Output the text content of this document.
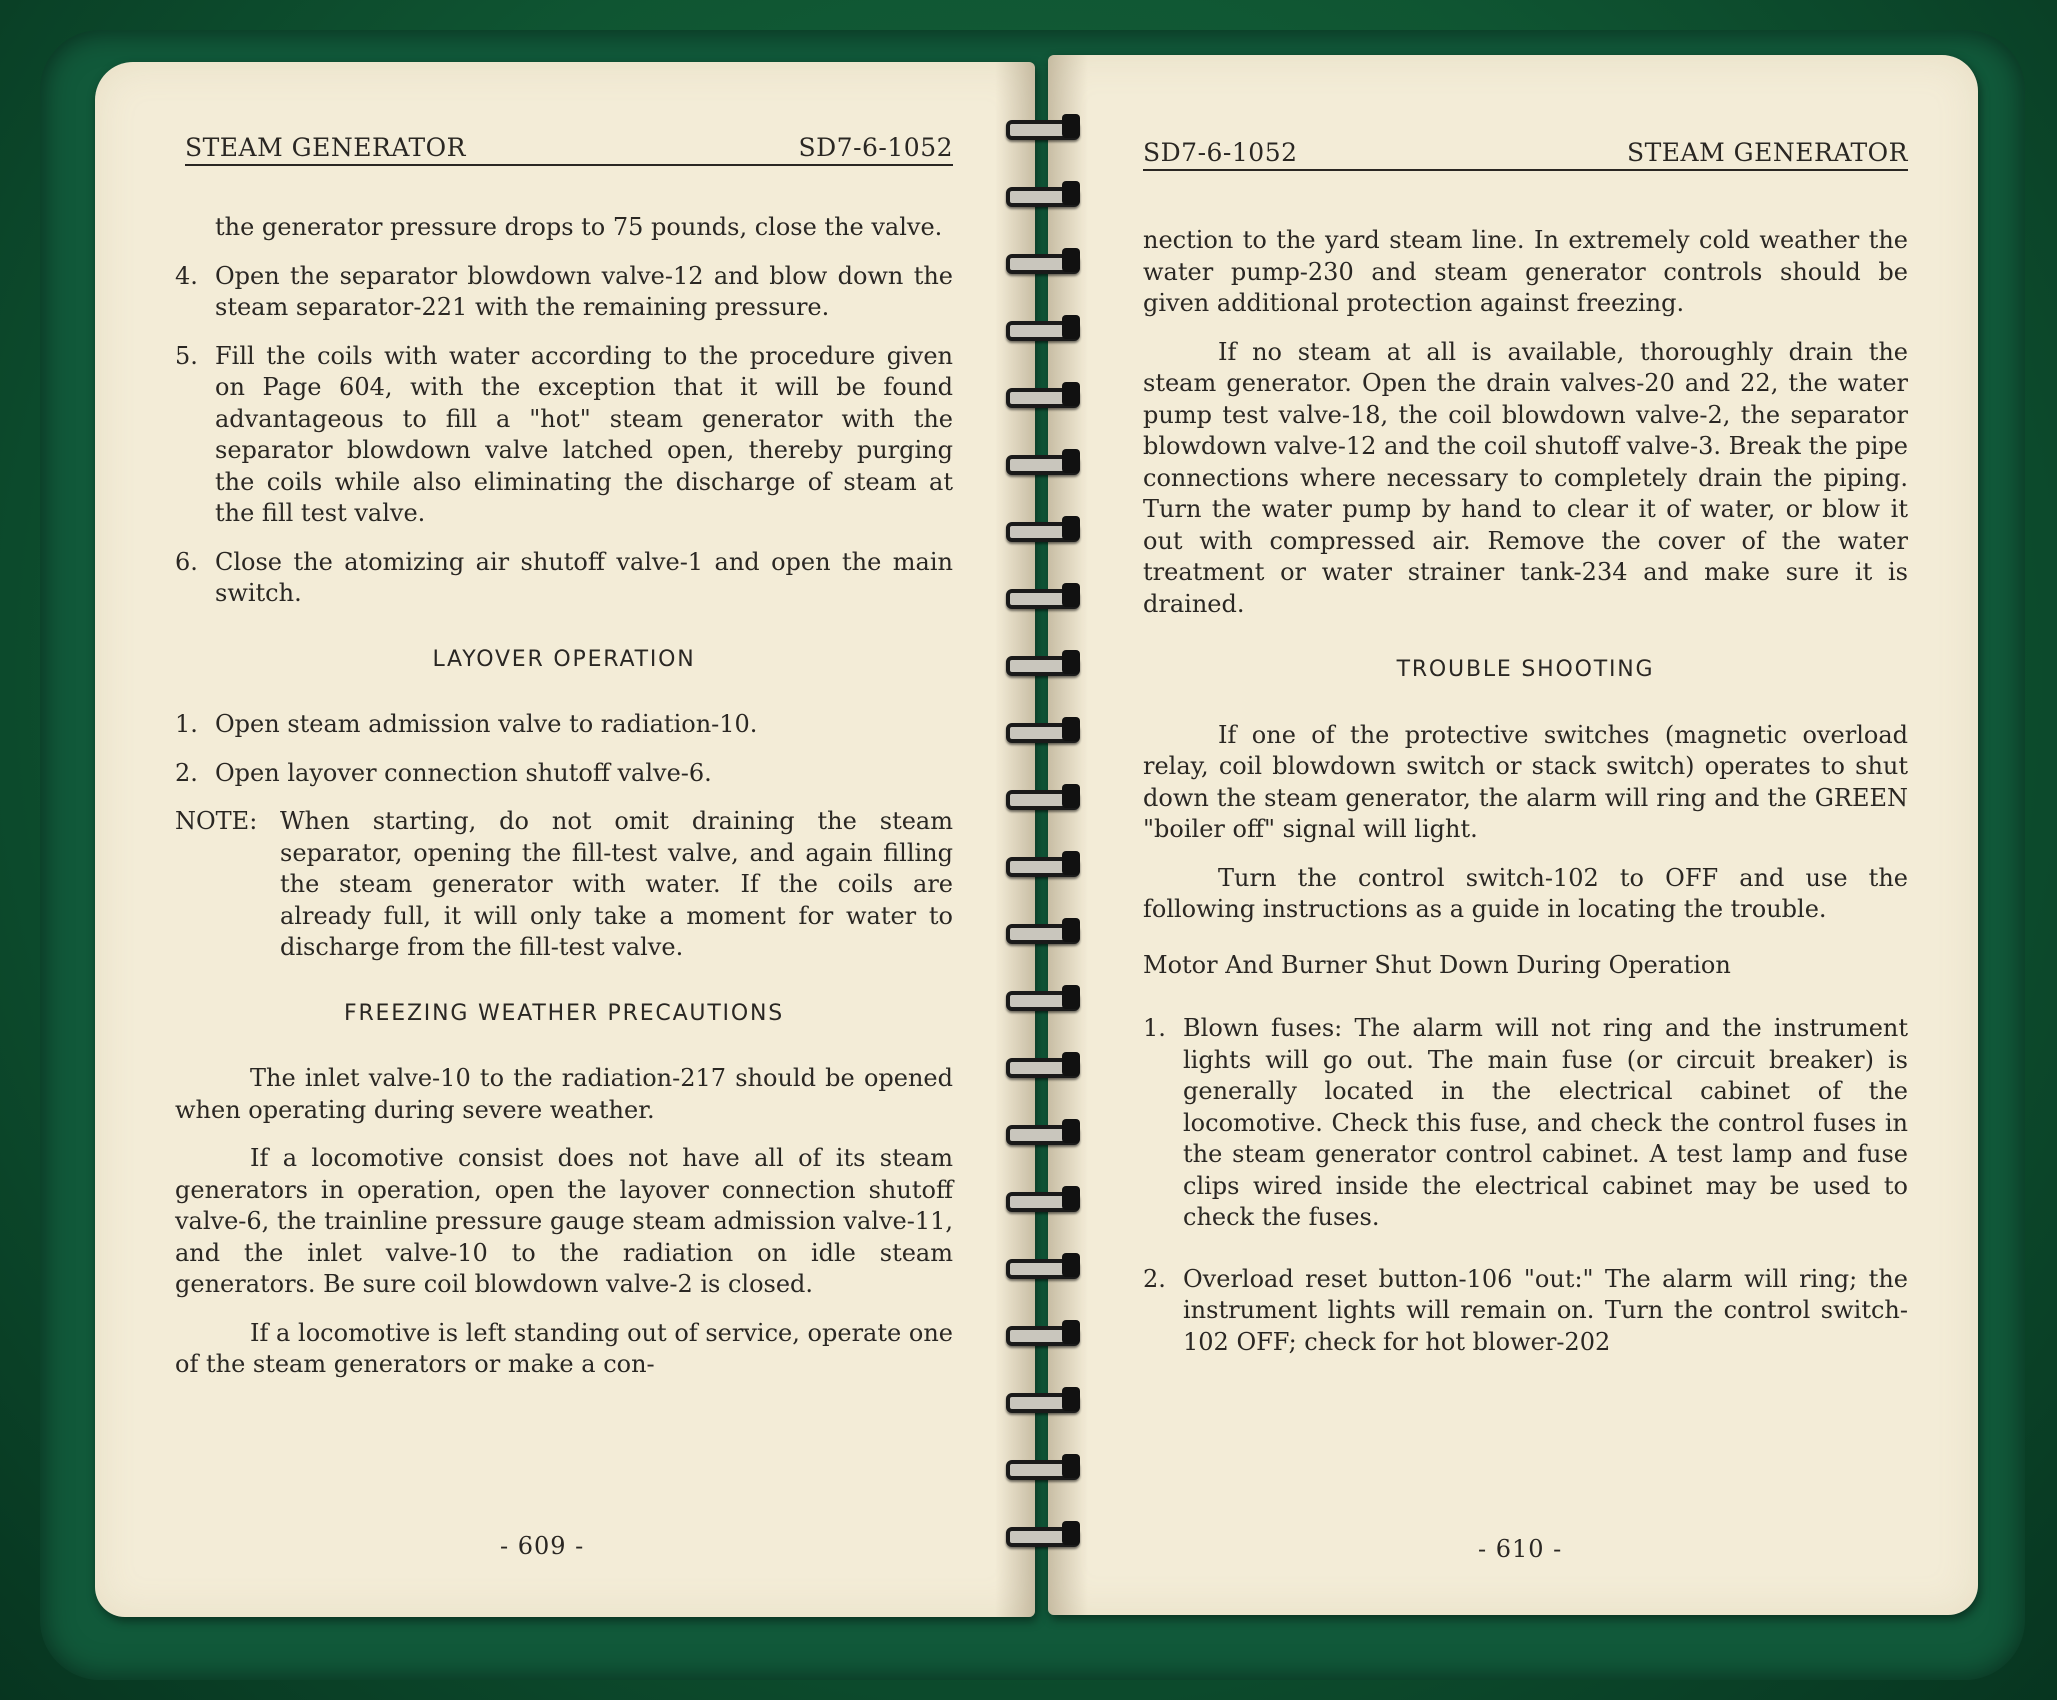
STEAM GENERATOR	SD7-6-1052

the generator pressure drops to 75 pounds, close the valve.

4. Open the separator blowdown valve-12 and blow down the steam separator-221 with the remaining pressure.
5. Fill the coils with water according to the procedure given on Page 604, with the exception that it will be found advantageous to fill a "hot" steam generator with the separator blowdown valve latched open, thereby purging the coils while also eliminating the discharge of steam at the fill test valve.
6. Close the atomizing air shutoff valve-1 and open the main switch.
LAYOVER OPERATION
1. Open steam admission valve to radiation-10.
2. Open layover connection shutoff valve-6.
NOTE: When starting, do not omit draining the steam separator, opening the fill-test valve, and again filling the steam generator with water. If the coils are already full, it will only take a moment for water to discharge from the fill-test valve.
FREEZING WEATHER PRECAUTIONS

The inlet valve-10 to the radiation-217 should be opened when operating during severe weather.

If a locomotive consist does not have all of its steam generators in operation, open the layover connection shutoff valve-6, the trainline pressure gauge steam admission valve-11, and the inlet valve-10 to the radiation on idle steam generators. Be sure coil blowdown valve-2 is closed.

If a locomotive is left standing out of service, operate one of the steam generators or make a con-

- 609 -
SD7-6-1052	STEAM GENERATOR

nection to the yard steam line. In extremely cold weather the water pump-230 and steam generator controls should be given additional protection against freezing.

If no steam at all is available, thoroughly drain the steam generator. Open the drain valves-20 and 22, the water pump test valve-18, the coil blowdown valve-2, the separator blowdown valve-12 and the coil shutoff valve-3. Break the pipe connections where necessary to completely drain the piping. Turn the water pump by hand to clear it of water, or blow it out with compressed air. Remove the cover of the water treatment or water strainer tank-234 and make sure it is drained.

TROUBLE SHOOTING

If one of the protective switches (magnetic overload relay, coil blowdown switch or stack switch) operates to shut down the steam generator, the alarm will ring and the GREEN "boiler off" signal will light.

Turn the control switch-102 to OFF and use the following instructions as a guide in locating the trouble.

Motor And Burner Shut Down During Operation
1. Blown fuses: The alarm will not ring and the instrument lights will go out. The main fuse (or circuit breaker) is generally located in the electrical cabinet of the locomotive. Check this fuse, and check the control fuses in the steam generator control cabinet. A test lamp and fuse clips wired inside the electrical cabinet may be used to check the fuses.
2. Overload reset button-106 "out:" The alarm will ring; the instrument lights will remain on. Turn the control switch-102 OFF; check for hot blower-202
- 610 -
